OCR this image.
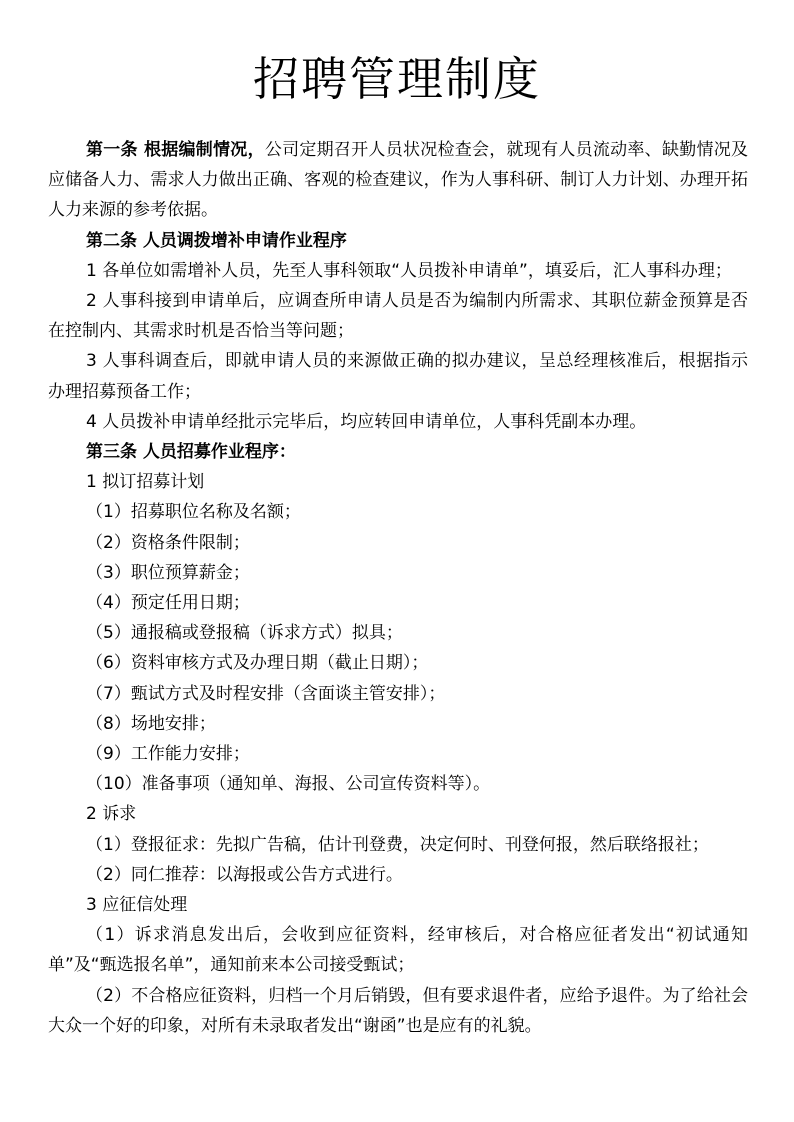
招聘管理制度

第一条 根据编制情况，公司定期召开人员状况检查会，就现有人员流动率、缺勤情况及应储备人力、需求人力做出正确、客观的检查建议，作为人事科研、制订人力计划、办理开拓人力来源的参考依据。

第二条 人员调拨增补申请作业程序

1 各单位如需增补人员，先至人事科领取“人员拨补申请单”，填妥后，汇人事科办理；

2 人事科接到申请单后，应调查所申请人员是否为编制内所需求、其职位薪金预算是否在控制内、其需求时机是否恰当等问题；

3 人事科调查后，即就申请人员的来源做正确的拟办建议，呈总经理核准后，根据指示办理招募预备工作；

4 人员拨补申请单经批示完毕后，均应转回申请单位，人事科凭副本办理。

第三条 人员招募作业程序：

1 拟订招募计划

（1）招募职位名称及名额；

（2）资格条件限制；

（3）职位预算薪金；

（4）预定任用日期；

（5）通报稿或登报稿（诉求方式）拟具；

（6）资料审核方式及办理日期（截止日期）；

（7）甄试方式及时程安排（含面谈主管安排）；

（8）场地安排；

（9）工作能力安排；

（10）准备事项（通知单、海报、公司宣传资料等）。

2 诉求

（1）登报征求：先拟广告稿，估计刊登费，决定何时、刊登何报，然后联络报社；

（2）同仁推荐：以海报或公告方式进行。

3 应征信处理

（1）诉求消息发出后，会收到应征资料，经审核后，对合格应征者发出“初试通知单”及“甄选报名单”，通知前来本公司接受甄试；

（2）不合格应征资料，归档一个月后销毁，但有要求退件者，应给予退件。为了给社会大众一个好的印象，对所有未录取者发出“谢函”也是应有的礼貌。
